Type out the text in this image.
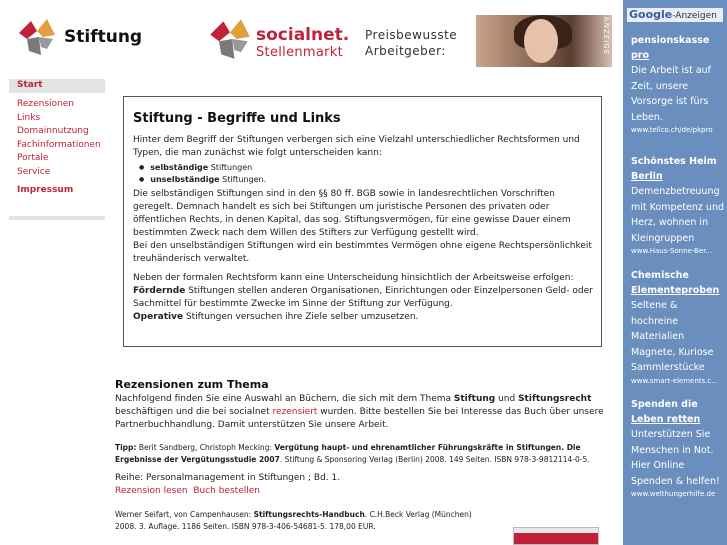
Stiftung	socialnet.
Stellenmarkt
Preisbewusste
Arbeitgeber:	ANZEIGE
Start
Rezensionen
Links
Domainnutzung
Fachinformationen
Portale
Service
Impressum
Stiftung - Begriffe und Links

Hinter dem Begriff der Stiftungen verbergen sich eine Vielzahl unterschiedlicher Rechtsformen und Typen, die man zunächst wie folgt unterscheiden kann:

● selbständige Stiftungen
● unselbständige Stiftungen.

Die selbständigen Stiftungen sind in den §§ 80 ff. BGB sowie in landesrechtlichen Vorschriften geregelt. Demnach handelt es sich bei Stiftungen um juristische Personen des privaten oder öffentlichen Rechts, in denen Kapital, das sog. Stiftungsvermögen, für eine gewisse Dauer einem bestimmten Zweck nach dem Willen des Stifters zur Verfügung gestellt wird.

Bei den unselbständigen Stiftungen wird ein bestimmtes Vermögen ohne eigene Rechtspersönlichkeit treuhänderisch verwaltet.

Neben der formalen Rechtsform kann eine Unterscheidung hinsichtlich der Arbeitsweise erfolgen:

Fördernde Stiftungen stellen anderen Organisationen, Einrichtungen oder Einzelpersonen Geld- oder Sachmittel für bestimmte Zwecke im Sinne der Stiftung zur Verfügung.

Operative Stiftungen versuchen ihre Ziele selber umzusetzen.

Rezensionen zum Thema

Nachfolgend finden Sie eine Auswahl an Büchern, die sich mit dem Thema Stiftung und Stiftungsrecht beschäftigen und die bei socialnet rezensiert wurden. Bitte bestellen Sie bei Interesse das Buch über unsere Partnerbuchhandlung. Damit unterstützen Sie unsere Arbeit.

Tipp: Berit Sandberg, Christoph Mecking: Vergütung haupt- und ehrenamtlicher Führungskräfte in Stiftungen. Die Ergebnisse der Vergütungsstudie 2007. Stiftung & Sponsoring Verlag (Berlin) 2008. 149 Seiten. ISBN 978-3-9812114-0-5.
Reihe: Personalmanagement in Stiftungen ; Bd. 1.
Rezension lesen Buch bestellen
Werner Seifart, von Campenhausen: Stiftungsrechts-Handbuch. C.H.Beck Verlag (München) 2008. 3. Auflage. 1186 Seiten. ISBN 978-3-406-54681-5. 178,00 EUR.
Google-Anzeigen
pensionskasse
pro
Die Arbeit ist auf Zeit, unsere Vorsorge ist fürs Leben.
www.tellco.ch/de/pkpro
Schönstes Heim
Berlin
Demenzbetreuung mit Kompetenz und Herz, wohnen in Kleingruppen
www.Haus-Sonne-Ber...
Chemische
Elementeproben
Seltene & hochreine Materialien Magnete, Kuriose Sammlerstücke
www.smart-elements.c...
Spenden die
Leben retten
Unterstützen Sie Menschen in Not. Hier Online Spenden & helfen!
www.welthungerhilfe.de
